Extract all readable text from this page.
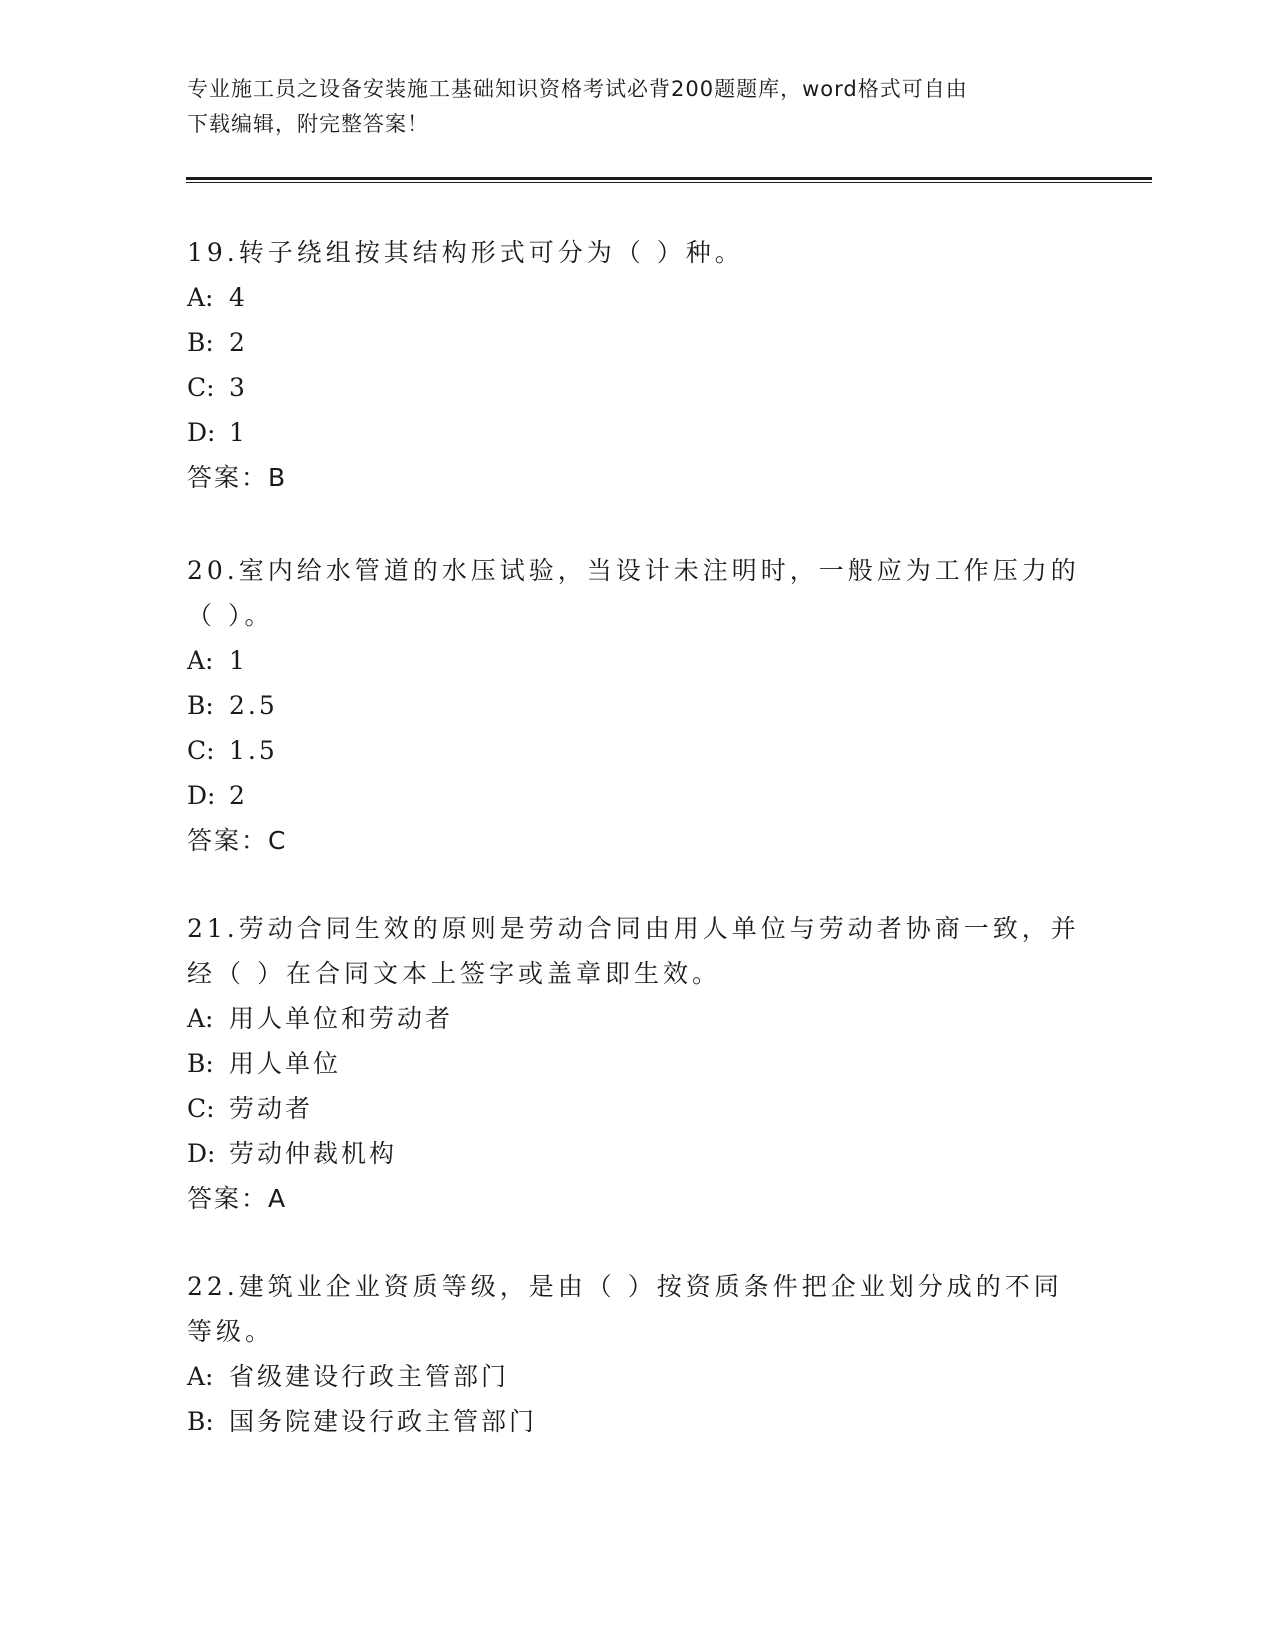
专业施工员之设备安装施工基础知识资格考试必背200题题库，word格式可自由
下载编辑，附完整答案！

19.转子绕组按其结构形式可分为（ ）种。

A: 4

B: 2

C: 3

D: 1

答案：B

20.室内给水管道的水压试验，当设计未注明时，一般应为工作压力的

（ ）。

A: 1

B: 2.5

C: 1.5

D: 2

答案：C

21.劳动合同生效的原则是劳动合同由用人单位与劳动者协商一致，并

经（ ）在合同文本上签字或盖章即生效。

A: 用人单位和劳动者

B: 用人单位

C: 劳动者

D: 劳动仲裁机构

答案：A

22.建筑业企业资质等级，是由（ ）按资质条件把企业划分成的不同

等级。

A: 省级建设行政主管部门

B: 国务院建设行政主管部门
